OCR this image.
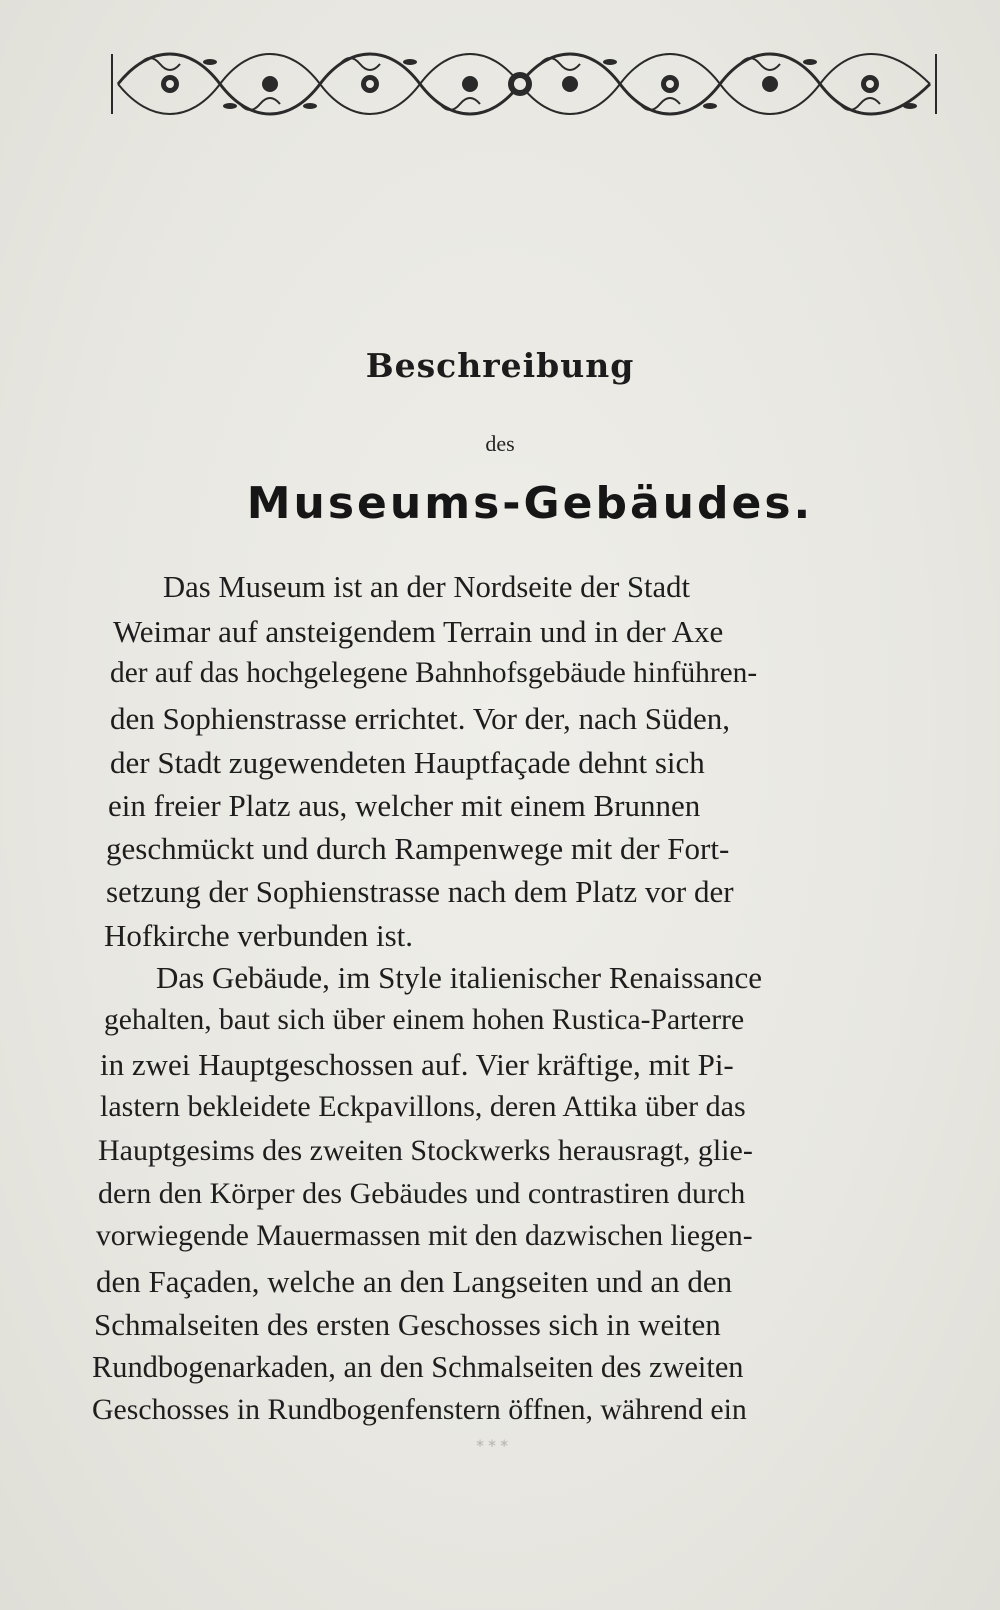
Beschreibung
des
Museums-Gebäudes.
Das Museum ist an der Nordseite der Stadt
Weimar auf ansteigendem Terrain und in der Axe
der auf das hochgelegene Bahnhofsgebäude hinführen-
den Sophienstrasse errichtet. Vor der, nach Süden,
der Stadt zugewendeten Hauptfaçade dehnt sich
ein freier Platz aus, welcher mit einem Brunnen
geschmückt und durch Rampenwege mit der Fort-
setzung der Sophienstrasse nach dem Platz vor der
Hofkirche verbunden ist.
Das Gebäude, im Style italienischer Renaissance
gehalten, baut sich über einem hohen Rustica-Parterre
in zwei Hauptgeschossen auf. Vier kräftige, mit Pi-
lastern bekleidete Eckpavillons, deren Attika über das
Hauptgesims des zweiten Stockwerks herausragt, glie-
dern den Körper des Gebäudes und contrastiren durch
vorwiegende Mauermassen mit den dazwischen liegen-
den Façaden, welche an den Langseiten und an den
Schmalseiten des ersten Geschosses sich in weiten
Rundbogenarkaden, an den Schmalseiten des zweiten
Geschosses in Rundbogenfenstern öffnen, während ein
∗∗∗
